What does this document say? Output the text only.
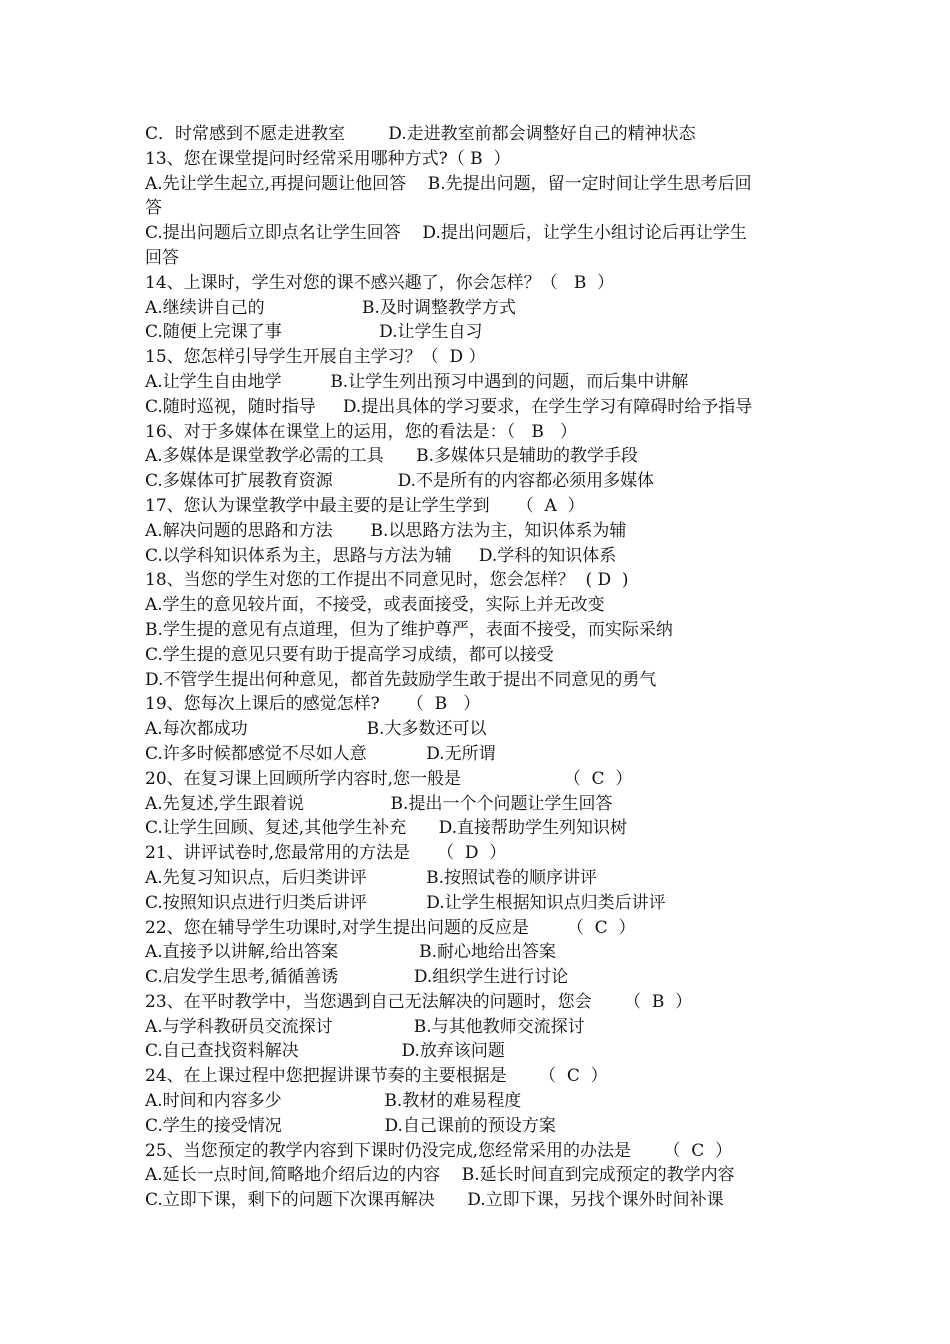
C．时常感到不愿走进教室        D.走进教室前都会调整好自己的精神状态
13、您在课堂提问时经常采用哪种方式?（ B  ）
A.先让学生起立,再提问题让他回答    B.先提出问题，留一定时间让学生思考后回
答
C.提出问题后立即点名让学生回答    D.提出问题后，让学生小组讨论后再让学生
回答
14、上课时，学生对您的课不感兴趣了，你会怎样？（   B  ）
A.继续讲自己的                  B.及时调整教学方式
C.随便上完课了事                  D.让学生自习
15、您怎样引导学生开展自主学习？（  D ）
A.让学生自由地学         B.让学生列出预习中遇到的问题，而后集中讲解
C.随时巡视，随时指导     D.提出具体的学习要求，在学生学习有障碍时给予指导
16、对于多媒体在课堂上的运用，您的看法是：（   B   ）
A.多媒体是课堂教学必需的工具      B.多媒体只是辅助的教学手段
C.多媒体可扩展教育资源            D.不是所有的内容都必须用多媒体
17、您认为课堂教学中最主要的是让学生学到     （  A  ）
A.解决问题的思路和方法       B.以思路方法为主，知识体系为辅
C.以学科知识体系为主，思路与方法为辅     D.学科的知识体系
18、当您的学生对您的工作提出不同意见时，您会怎样？  ( D  )
A.学生的意见较片面，不接受，或表面接受，实际上并无改变
B.学生提的意见有点道理，但为了维护尊严，表面不接受，而实际采纳
C.学生提的意见只要有助于提高学习成绩，都可以接受
D.不管学生提出何种意见，都首先鼓励学生敢于提出不同意见的勇气
19、您每次上课后的感觉怎样?     （  B   ）
A.每次都成功                      B.大多数还可以
C.许多时候都感觉不尽如人意           D.无所谓
20、在复习课上回顾所学内容时,您一般是                   （  C  ）
A.先复述,学生跟着说                B.提出一个个问题让学生回答
C.让学生回顾、复述,其他学生补充      D.直接帮助学生列知识树
21、讲评试卷时,您最常用的方法是     （  D  ）
A.先复习知识点，后归类讲评           B.按照试卷的顺序讲评
C.按照知识点进行归类后讲评           D.让学生根据知识点归类后讲评
22、您在辅导学生功课时,对学生提出问题的反应是       （  C  ）
A.直接予以讲解,给出答案               B.耐心地给出答案
C.启发学生思考,循循善诱              D.组织学生进行讨论
23、在平时教学中，当您遇到自己无法解决的问题时，您会      （  B  ）
A.与学科教研员交流探讨               B.与其他教师交流探讨
C.自己查找资料解决                   D.放弃该问题
24、在上课过程中您把握讲课节奏的主要根据是      （  C  ）
A.时间和内容多少                   B.教材的难易程度
C.学生的接受情况                   D.自己课前的预设方案
25、当您预定的教学内容到下课时仍没完成,您经常采用的办法是      （  C  ）
A.延长一点时间,简略地介绍后边的内容    B.延长时间直到完成预定的教学内容
C.立即下课，剩下的问题下次课再解决      D.立即下课，另找个课外时间补课
